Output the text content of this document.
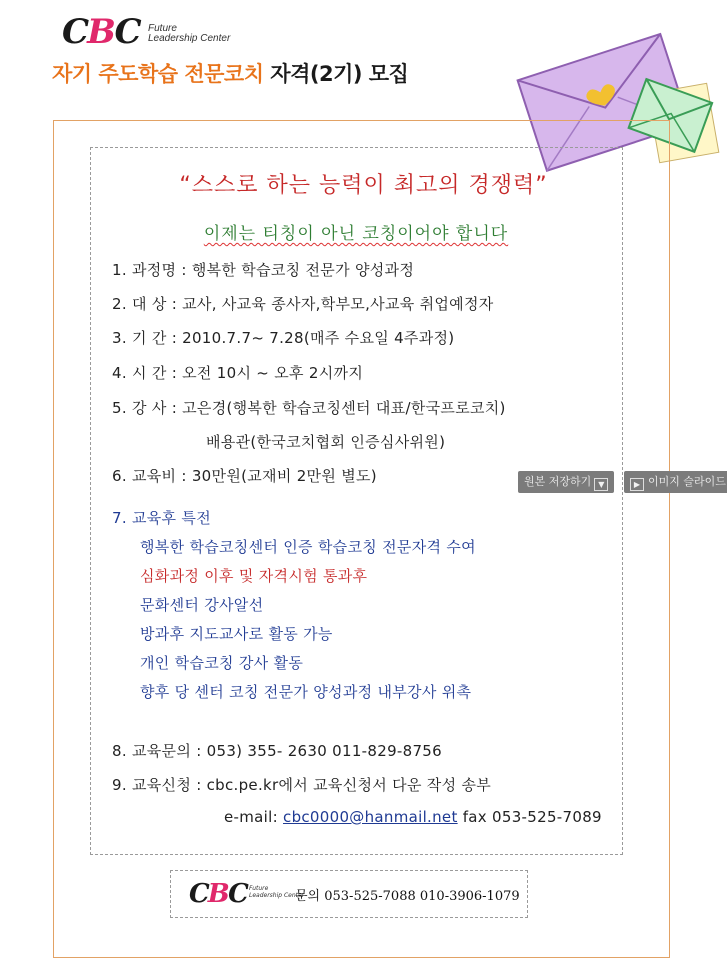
CBC Future
Leadership Center
자기 주도학습 전문코치 자격(2기) 모집
“스스로 하는 능력이 최고의 경쟁력”
이제는 티칭이 아닌 코칭이어야 합니다
1. 과정명 : 행복한 학습코칭 전문가 양성과정
2. 대 상 : 교사, 사교육 종사자,학부모,사교육 취업예정자
3. 기 간 : 2010.7.7~ 7.28(매주 수요일 4주과정)
4. 시 간 : 오전 10시 ~ 오후 2시까지
5. 강 사 : 고은경(행복한 학습코칭센터 대표/한국프로코치)
배용관(한국코치협회 인증심사위원)
6. 교육비 : 30만원(교재비 2만원 별도)
7. 교육후 특전
행복한 학습코칭센터 인증 학습코칭 전문자격 수여
심화과정 이후 및 자격시험 통과후
문화센터 강사알선
방과후 지도교사로 활동 가능
개인 학습코칭 강사 활동
향후 당 센터 코칭 전문가 양성과정 내부강사 위촉
8. 교육문의 : 053) 355- 2630 011-829-8756
9. 교육신청 : cbc.pe.kr에서 교육신청서 다운 작성 송부
e-mail: cbc0000@hanmail.net fax 053-525-7089
원본 저장하기 ▼	▶ 이미지 슬라이드
CBC Future
Leadership Center
문의 053-525-7088 010-3906-1079
